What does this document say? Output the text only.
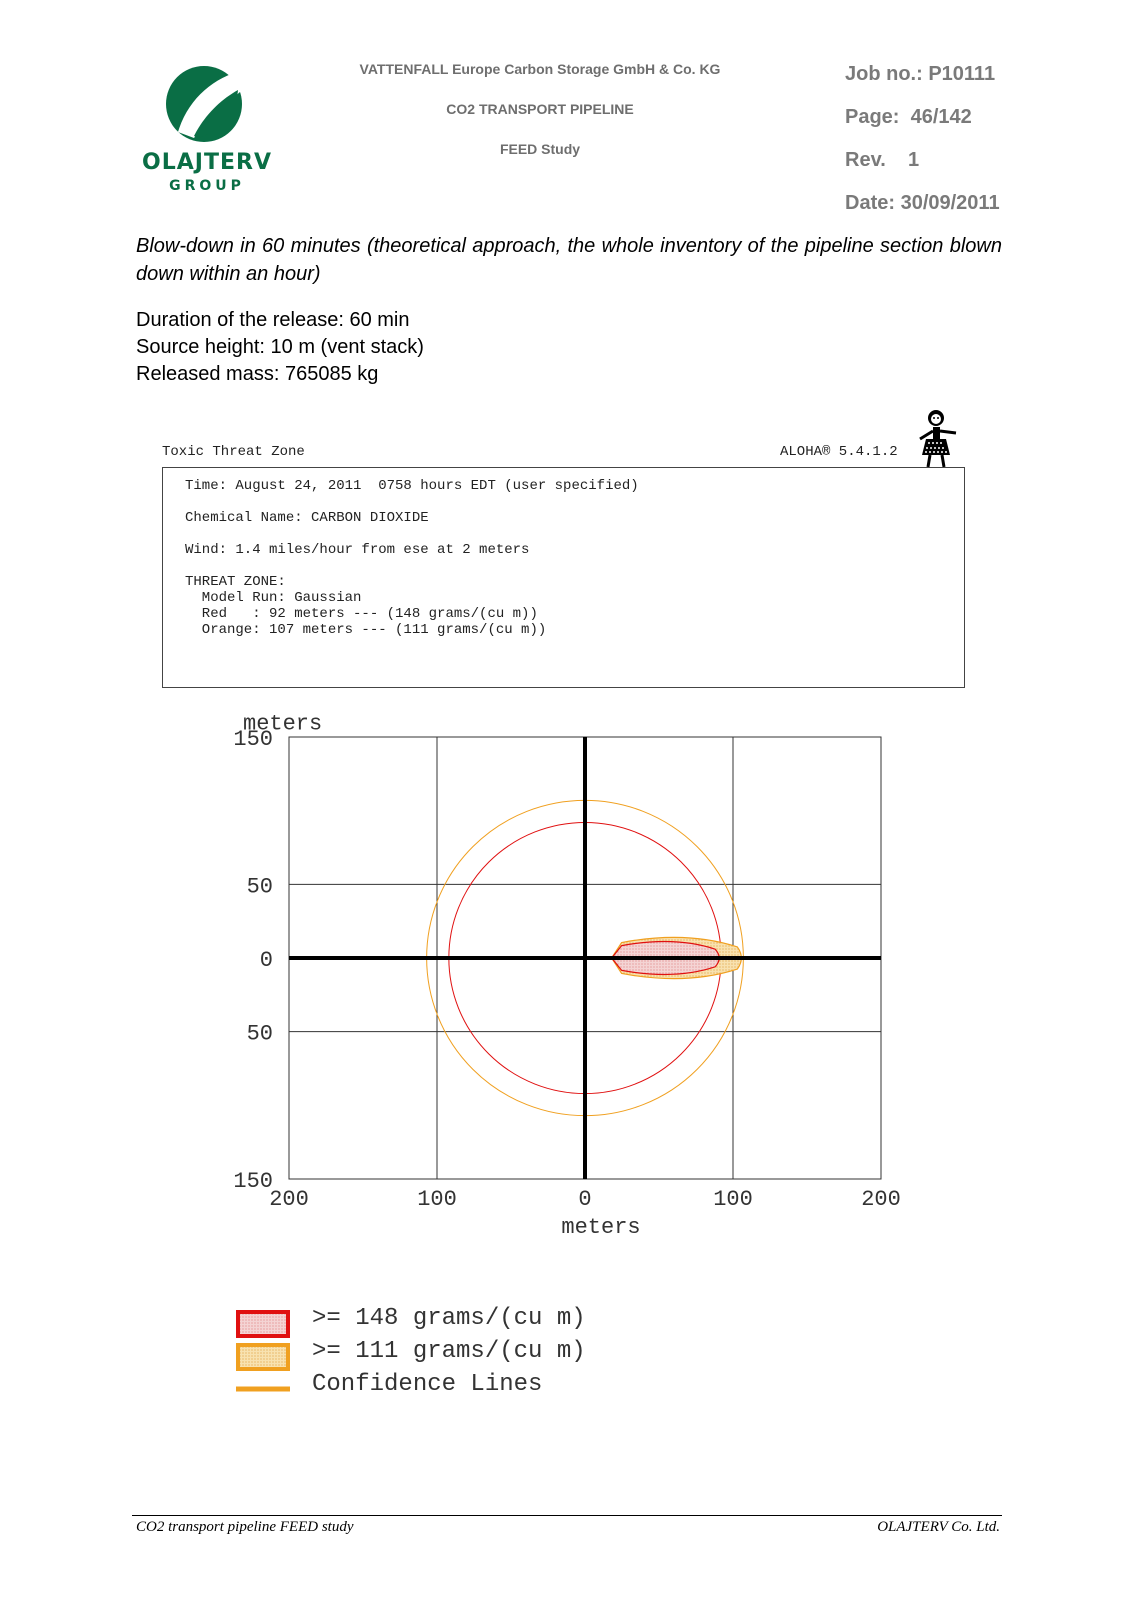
OLAJTERV
GROUP
VATTENFALL Europe Carbon Storage GmbH & Co. KG
CO2 TRANSPORT PIPELINE
FEED Study
Job no.: P10111
Page:  46/142
Rev.    1
Date: 30/09/2011
Blow-down in 60 minutes (theoretical approach, the whole inventory of the pipeline section blown down within an hour)
Duration of the release: 60 min
Source height: 10 m (vent stack)
Released mass: 765085 kg
Toxic Threat Zone	ALOHA® 5.4.1.2
Time: August 24, 2011  0758 hours EDT (user specified)
Chemical Name: CARBON DIOXIDE
Wind: 1.4 miles/hour from ese at 2 meters
THREAT ZONE:
Model Run: Gaussian
Red   : 92 meters --- (148 grams/(cu m))
Orange: 107 meters --- (111 grams/(cu m))
200	100	0	100	200
150
50
0
50
150
meters
meters
>= 148 grams/(cu m)
>= 111 grams/(cu m)
Confidence Lines
CO2 transport pipeline FEED study	OLAJTERV Co. Ltd.
